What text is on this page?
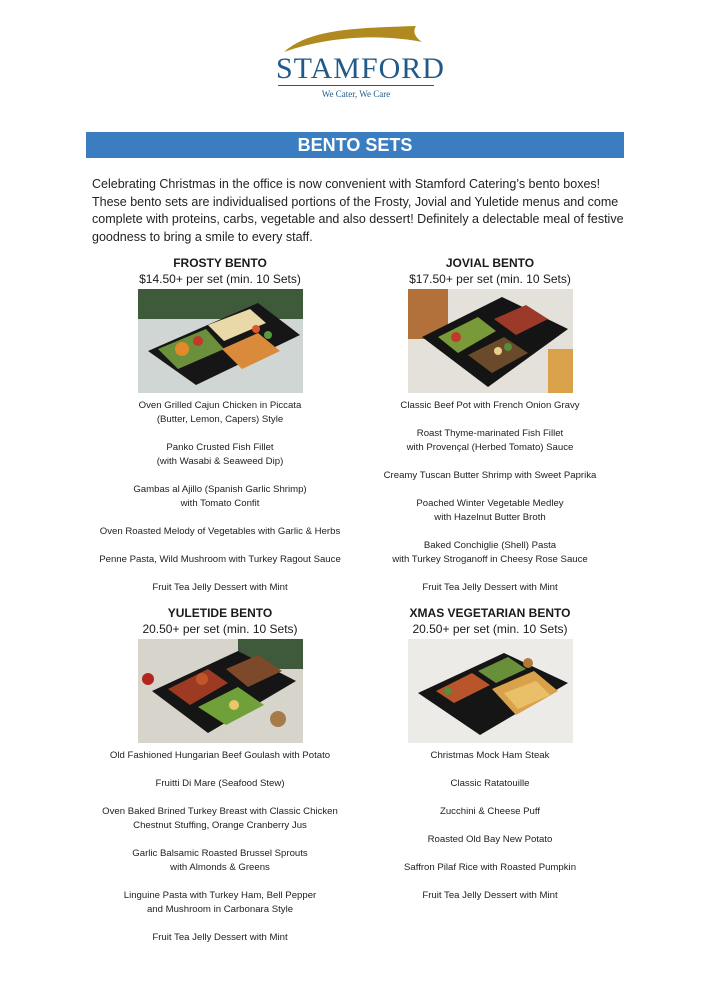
STAMFORD
We Cater, We Care
BENTO SETS
Celebrating Christmas in the office is now convenient with Stamford Catering’s bento boxes! These bento sets are individualised portions of the Frosty, Jovial and Yuletide menus and come complete with proteins, carbs, vegetable and also dessert! Definitely a delectable meal of festive goodness to bring a smile to every staff.
FROSTY BENTO
$14.50+ per set (min. 10 Sets)
Oven Grilled Cajun Chicken in Piccata
(Butter, Lemon, Capers) Style
Panko Crusted Fish Fillet
(with Wasabi & Seaweed Dip)
Gambas al Ajillo (Spanish Garlic Shrimp)
with Tomato Confit
Oven Roasted Melody of Vegetables with Garlic & Herbs
Penne Pasta, Wild Mushroom with Turkey Ragout Sauce
Fruit Tea Jelly Dessert with Mint
JOVIAL BENTO
$17.50+ per set (min. 10 Sets)
Classic Beef Pot with French Onion Gravy
Roast Thyme-marinated Fish Fillet
with Provençal (Herbed Tomato) Sauce
Creamy Tuscan Butter Shrimp with Sweet Paprika
Poached Winter Vegetable Medley
with Hazelnut Butter Broth
Baked Conchiglie (Shell) Pasta
with Turkey Stroganoff in Cheesy Rose Sauce
Fruit Tea Jelly Dessert with Mint
YULETIDE BENTO
20.50+ per set (min. 10 Sets)
Old Fashioned Hungarian Beef Goulash with Potato
Fruitti Di Mare (Seafood Stew)
Oven Baked Brined Turkey Breast with Classic Chicken
Chestnut Stuffing, Orange Cranberry Jus
Garlic Balsamic Roasted Brussel Sprouts
with Almonds & Greens
Linguine Pasta with Turkey Ham, Bell Pepper
and Mushroom in Carbonara Style
Fruit Tea Jelly Dessert with Mint
XMAS VEGETARIAN BENTO
20.50+ per set (min. 10 Sets)
Christmas Mock Ham Steak
Classic Ratatouille
Zucchini & Cheese Puff
Roasted Old Bay New Potato
Saffron Pilaf Rice with Roasted Pumpkin
Fruit Tea Jelly Dessert with Mint
